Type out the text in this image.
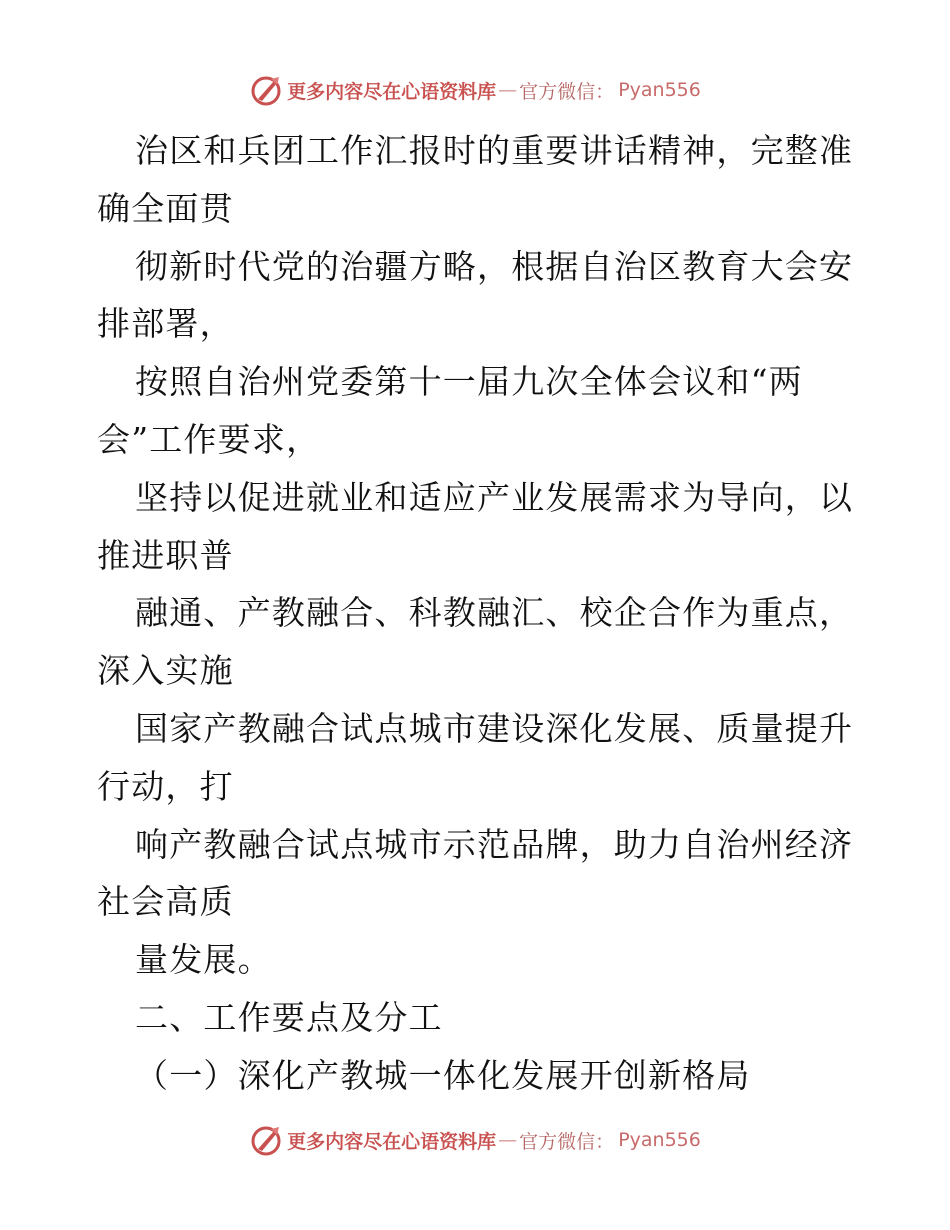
更多内容尽在心语资料库 — 官方微信： Pyan556
治区和兵团工作汇报时的重要讲话精神，完整准
确全面贯
彻新时代党的治疆方略，根据自治区教育大会安
排部署，
按照自治州党委第十一届九次全体会议和“两
会”工作要求，
坚持以促进就业和适应产业发展需求为导向，以
推进职普
融通、产教融合、科教融汇、校企合作为重点，
深入实施
国家产教融合试点城市建设深化发展、质量提升
行动，打
响产教融合试点城市示范品牌，助力自治州经济
社会高质
量发展。
二、工作要点及分工
（一）深化产教城一体化发展开创新格局
更多内容尽在心语资料库 — 官方微信： Pyan556
